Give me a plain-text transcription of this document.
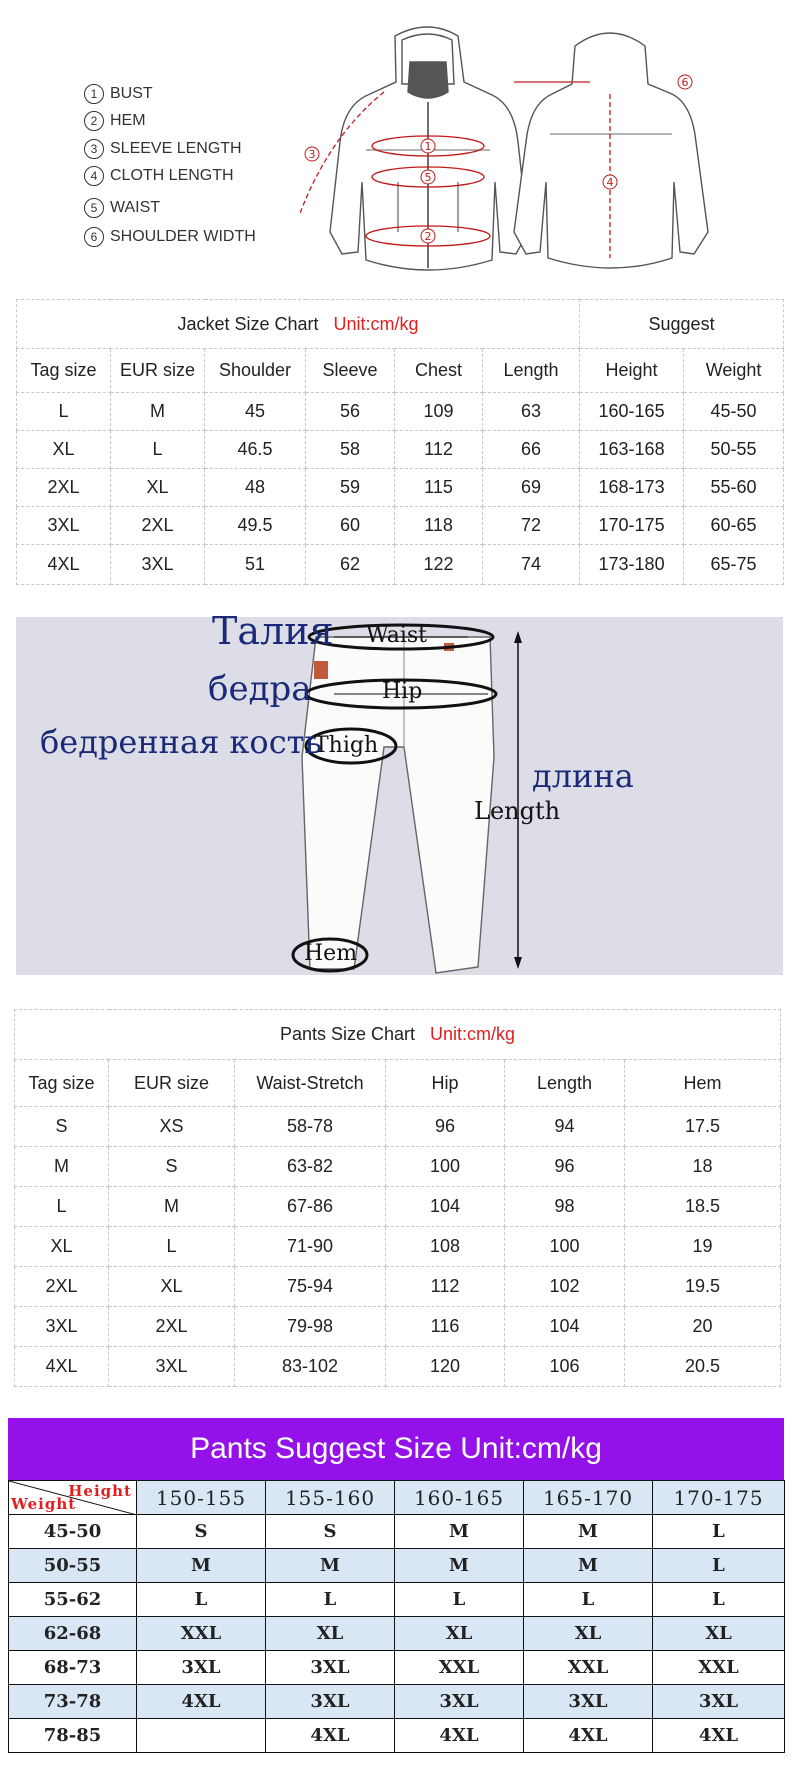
1 BUST
2 HEM
3 SLEEVE LENGTH
4 CLOTH LENGTH
5 WAIST
6 SHOULDER WIDTH
1
5
2
3
4
6
Jacket Size Chart Unit:cm/kg						Suggest	
Tag size	EUR size	Shoulder	Sleeve	Chest	Length	Height	Weight
L	M	45	56	109	63	160-165	45-50
XL	L	46.5	58	112	66	163-168	50-55
2XL	XL	48	59	115	69	168-173	55-60
3XL	2XL	49.5	60	118	72	170-175	60-65
4XL	3XL	51	62	122	74	173-180	65-75
Талия
бедра
бедренная кость
длина
Waist
Hip
Thigh
Length
Hem
Pants Size Chart Unit:cm/kg					
Tag size	EUR size	Waist-Stretch	Hip	Length	Hem
S	XS	58-78	96	94	17.5
M	S	63-82	100	96	18
L	M	67-86	104	98	18.5
XL	L	71-90	108	100	19
2XL	XL	75-94	112	102	19.5
3XL	2XL	79-98	116	104	20
4XL	3XL	83-102	120	106	20.5
Pants Suggest Size Unit:cm/kg
Height
Weight	150-155	155-160	160-165	165-170	170-175
45-50	S	S	M	M	L
50-55	M	M	M	M	L
55-62	L	L	L	L	L
62-68	XXL	XL	XL	XL	XL
68-73	3XL	3XL	XXL	XXL	XXL
73-78	4XL	3XL	3XL	3XL	3XL
78-85		4XL	4XL	4XL	4XL
